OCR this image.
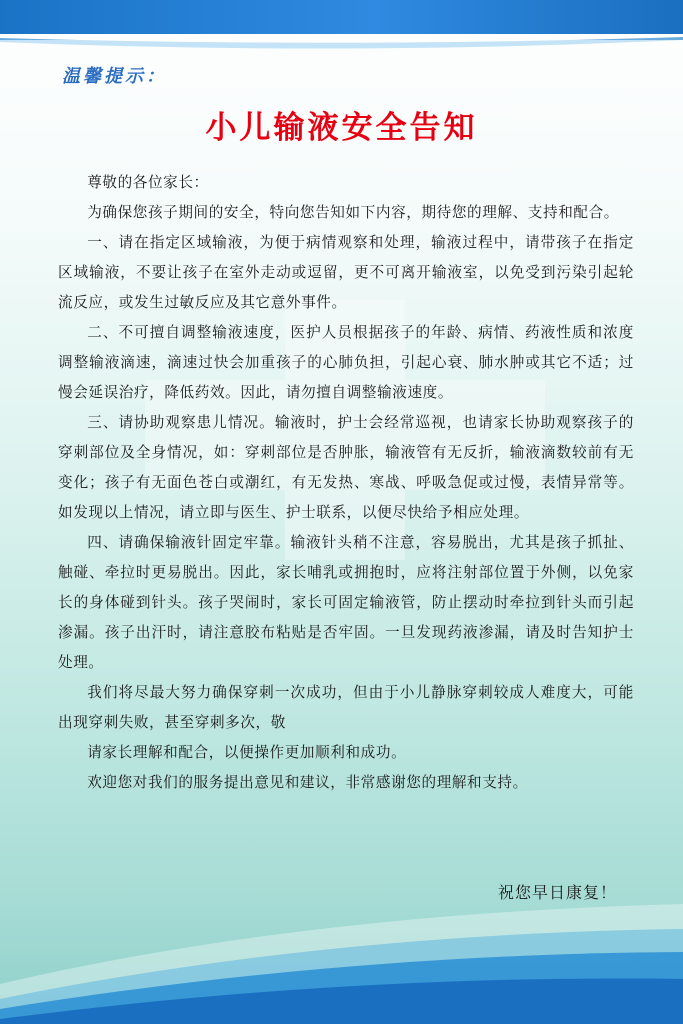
温馨提示：
小儿输液安全告知

尊敬的各位家长：

为确保您孩子期间的安全，特向您告知如下内容，期待您的理解、支持和配合。

一、请在指定区域输液，为便于病情观察和处理，输液过程中，请带孩子在指定区域输液，不要让孩子在室外走动或逗留，更不可离开输液室，以免受到污染引起轮流反应，或发生过敏反应及其它意外事件。

二、不可擅自调整输液速度，医护人员根据孩子的年龄、病情、药液性质和浓度调整输液滴速，滴速过快会加重孩子的心肺负担，引起心衰、肺水肿或其它不适；过慢会延误治疗，降低药效。因此，请勿擅自调整输液速度。

三、请协助观察患儿情况。输液时，护士会经常巡视，也请家长协助观察孩子的穿刺部位及全身情况，如：穿刺部位是否肿胀，输液管有无反折，输液滴数较前有无变化；孩子有无面色苍白或潮红，有无发热、寒战、呼吸急促或过慢，表情异常等。如发现以上情况，请立即与医生、护士联系，以便尽快给予相应处理。

四、请确保输液针固定牢靠。输液针头稍不注意，容易脱出，尤其是孩子抓扯、触碰、牵拉时更易脱出。因此，家长哺乳或拥抱时，应将注射部位置于外侧，以免家长的身体碰到针头。孩子哭闹时，家长可固定输液管，防止摆动时牵拉到针头而引起渗漏。孩子出汗时，请注意胶布粘贴是否牢固。一旦发现药液渗漏，请及时告知护士处理。

我们将尽最大努力确保穿刺一次成功，但由于小儿静脉穿刺较成人难度大，可能出现穿刺失败，甚至穿刺多次，敬

请家长理解和配合，以便操作更加顺利和成功。

欢迎您对我们的服务提出意见和建议，非常感谢您的理解和支持。

祝您早日康复！
